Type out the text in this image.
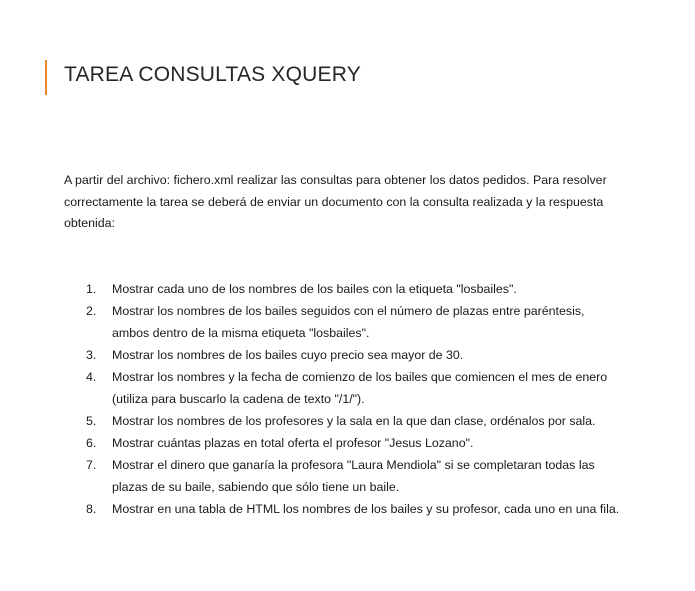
TAREA CONSULTAS XQUERY
A partir del archivo: fichero.xml realizar las consultas para obtener los datos pedidos. Para resolver correctamente la tarea se deberá de enviar un documento con la consulta realizada y la respuesta obtenida:
1.	Mostrar cada uno de los nombres de los bailes con la etiqueta "losbailes".
2.	Mostrar los nombres de los bailes seguidos con el número de plazas entre paréntesis, ambos dentro de la misma etiqueta "losbailes".
3.	Mostrar los nombres de los bailes cuyo precio sea mayor de 30.
4.	Mostrar los nombres y la fecha de comienzo de los bailes que comiencen el mes de enero (utiliza para buscarlo la cadena de texto "/1/").
5.	Mostrar los nombres de los profesores y la sala en la que dan clase, ordénalos por sala.
6.	Mostrar cuántas plazas en total oferta el profesor "Jesus Lozano".
7.	Mostrar el dinero que ganaría la profesora "Laura Mendiola" si se completaran todas las plazas de su baile, sabiendo que sólo tiene un baile.
8.	Mostrar en una tabla de HTML los nombres de los bailes y su profesor, cada uno en una fila.
